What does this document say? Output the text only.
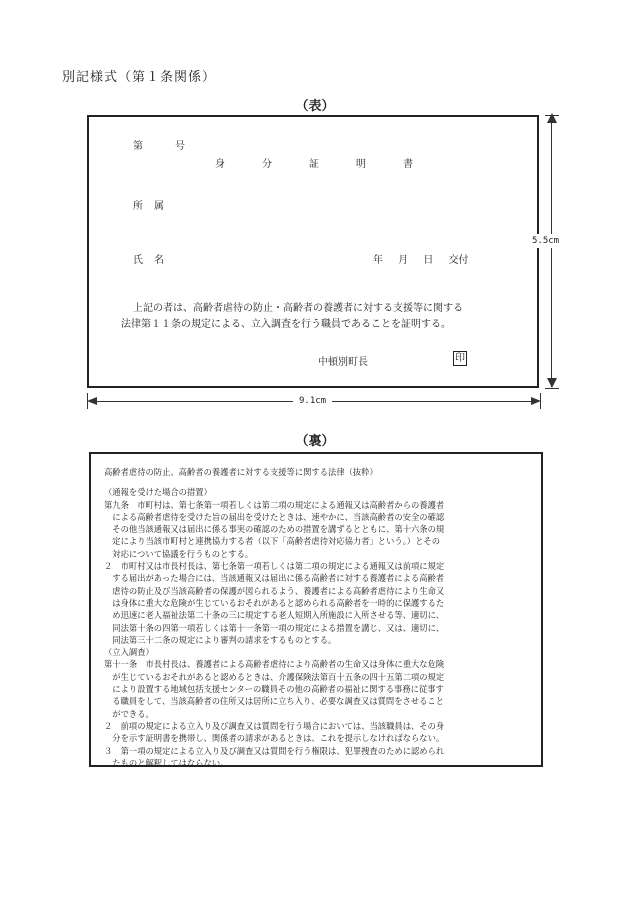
別記様式（第１条関係）
（表）
第	号
身分証明書
所属
氏名	年 月 日 交付
上記の者は、高齢者虐待の防止・高齢者の養護者に対する支援等に関する
法律第１１条の規定による、立入調査を行う職員であることを証明する。
中頓別町長	印
5.5cm
9.1cm
（裏）
高齢者虐待の防止、高齢者の養護者に対する支援等に関する法律（抜粋）
（通報を受けた場合の措置）
第九条　市町村は、第七条第一項若しくは第二項の規定による通報又は高齢者からの養護者
　による高齢者虐待を受けた旨の届出を受けたときは、速やかに、当該高齢者の安全の確認
　その他当該通報又は届出に係る事実の確認のための措置を講ずるとともに、第十六条の規
　定により当該市町村と連携協力する者（以下「高齢者虐待対応協力者」という。）とその
　対応について協議を行うものとする。
２　市町村又は市長村長は、第七条第一項若しくは第二項の規定による通報又は前項に規定
　する届出があった場合には、当該通報又は届出に係る高齢者に対する養護者による高齢者
　虐待の防止及び当該高齢者の保護が図られるよう、養護者による高齢者虐待により生命又
　は身体に重大な危険が生じているおそれがあると認められる高齢者を一時的に保護するた
　め迅速に老人福祉法第二十条の三に規定する老人短期入所施設に入所させる等、適切に、
　同法第十条の四第一項若しくは第十一条第一項の規定による措置を講じ、又は、適切に、
　同法第三十二条の規定により審判の請求をするものとする。
（立入調査）
第十一条　市長村長は、養護者による高齢者虐待により高齢者の生命又は身体に重大な危険
　が生じているおそれがあると認めるときは、介護保険法第百十五条の四十五第二項の規定
　により設置する地域包括支援センターの職員その他の高齢者の福祉に関する事務に従事す
　る職員をして、当該高齢者の住所又は居所に立ち入り、必要な調査又は質問をさせること
　ができる。
２　前項の規定による立入り及び調査又は質問を行う場合においては、当該職員は、その身
　分を示す証明書を携帯し、関係者の請求があるときは、これを提示しなければならない。
３　第一項の規定による立入り及び調査又は質問を行う権限は、犯罪捜査のために認められ
　たものと解釈してはならない。
